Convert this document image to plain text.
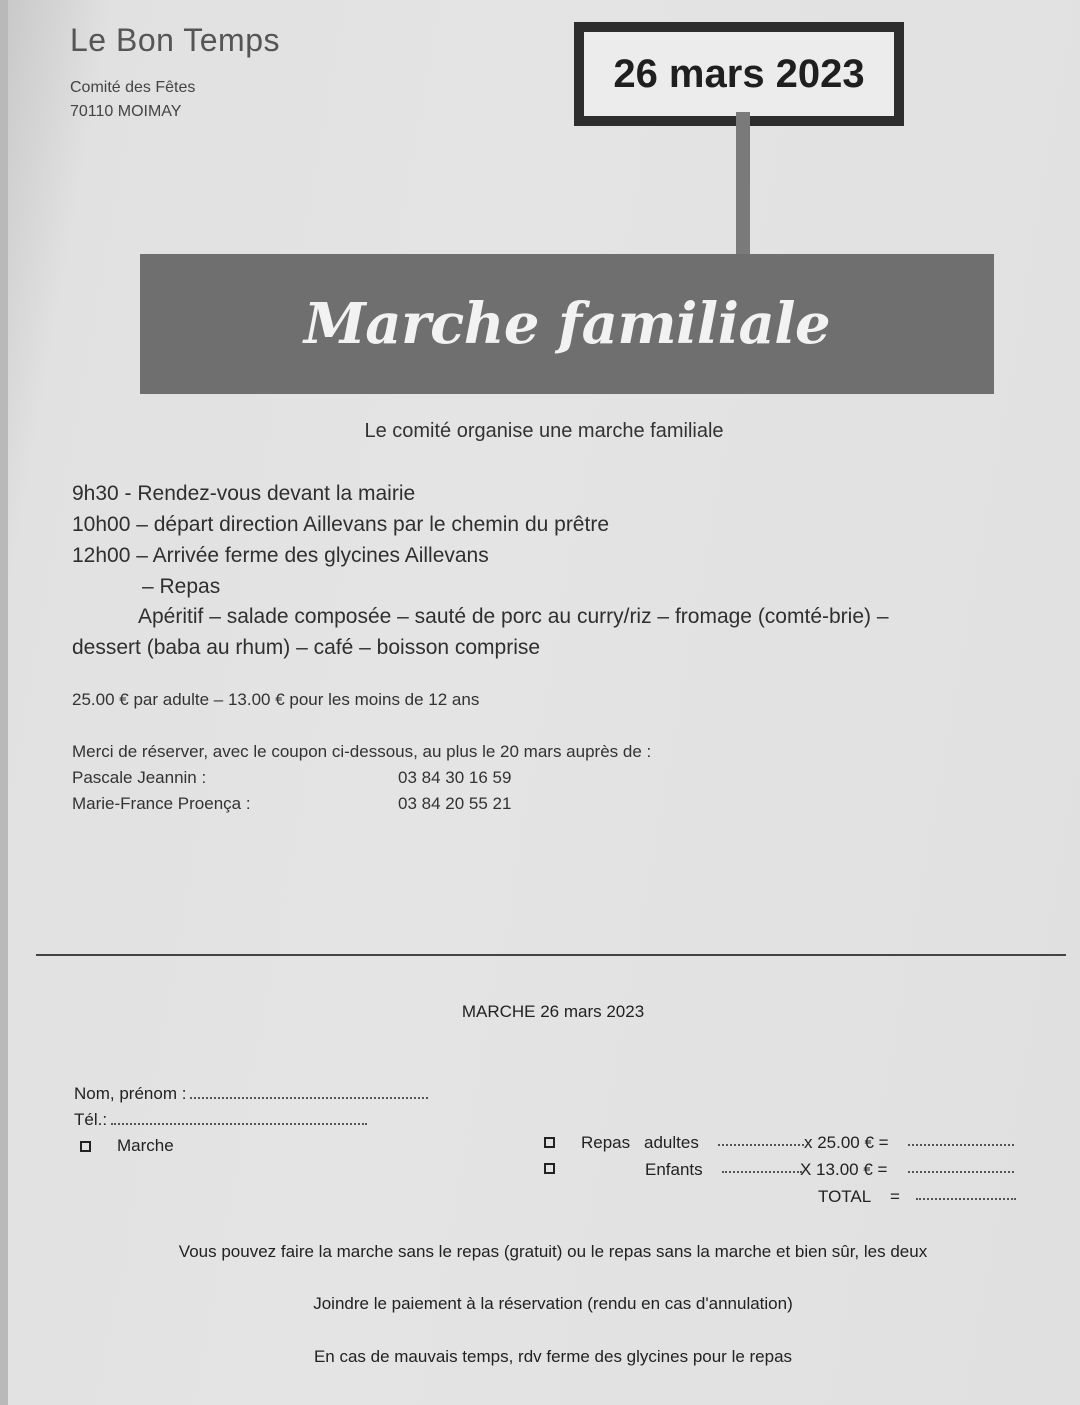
Le Bon Temps
Comité des Fêtes
70110 MOIMAY
26 mars 2023
Marche familiale
Le comité organise une marche familiale
9h30 - Rendez-vous devant la mairie
10h00 – départ direction Aillevans par le chemin du prêtre
12h00 – Arrivée ferme des glycines Aillevans
– Repas
Apéritif – salade composée – sauté de porc au curry/riz – fromage (comté-brie) –
dessert (baba au rhum) – café – boisson comprise
25.00 € par adulte – 13.00 € pour les moins de 12 ans
Merci de réserver, avec le coupon ci-dessous, au plus le 20 mars auprès de :
Pascale Jeannin :	03 84 30 16 59
Marie-France Proença :	03 84 20 55 21
MARCHE 26 mars 2023
Nom, prénom :
Tél.:
Marche	Repas adultes	x 25.00 € =
Enfants	X 13.00 € =
TOTAL =
Vous pouvez faire la marche sans le repas (gratuit) ou le repas sans la marche et bien sûr, les deux
Joindre le paiement à la réservation (rendu en cas d'annulation)
En cas de mauvais temps, rdv ferme des glycines pour le repas
